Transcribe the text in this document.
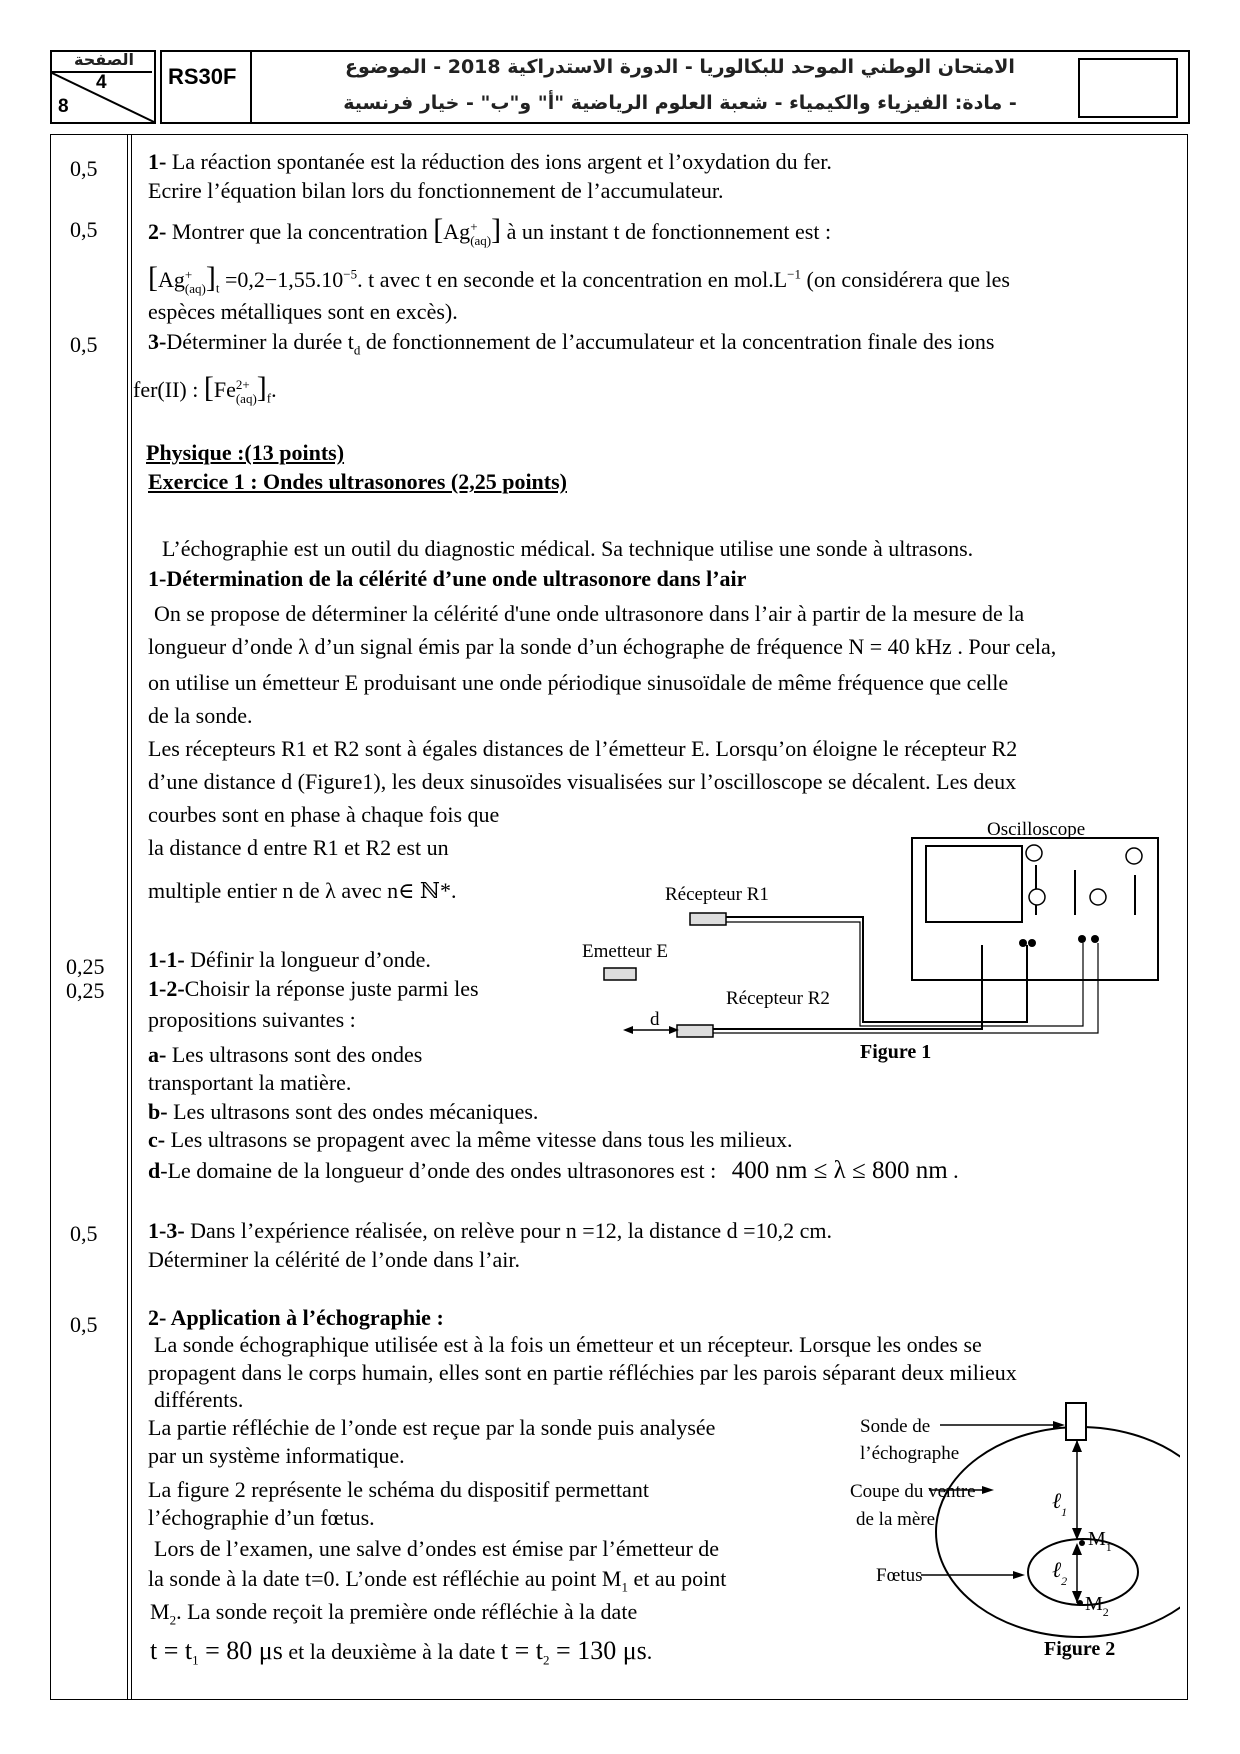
الصفحة
4
8
RS30F	الامتحان الوطني الموحد للبكالوريا - الدورة الاستدراكية 2018 - الموضوع
- مادة: الفيزياء والكيمياء - شعبة العلوم الرياضية "أ" و"ب" - خيار فرنسية
0,5
0,5
0,5
0,25
0,25
0,5
0,5
1- La réaction spontanée est la réduction des ions argent et l’oxydation du fer.
Ecrire l’équation bilan lors du fonctionnement de l’accumulateur.
2- Montrer que la concentration [Ag +
(aq) ] à un instant t de fonctionnement est :
[Ag +
(aq) ]$_t =0,2-1,55.10^{-5}$. t avec t en seconde et la concentration en $mol.L^{-1}$ (on considérera que les
espèces métalliques sont en excès).
3-Déterminer la durée $t_d$ de fonctionnement de l’accumulateur et la concentration finale des ions
fer(II) : [Fe 2+
(aq) ]$_f$.
Physique :(13 points)
Exercice 1 : Ondes ultrasonores (2,25 points)
L’échographie est un outil du diagnostic médical. Sa technique utilise une sonde à ultrasons.
1-Détermination de la célérité d’une onde ultrasonore dans l’air
On se propose de déterminer la célérité d'une onde ultrasonore dans l’air à partir de la mesure de la
longueur d’onde λ d’un signal émis par la sonde d’un échographe de fréquence N = 40 kHz . Pour cela,
on utilise un émetteur E produisant une onde périodique sinusoïdale de même fréquence que celle
de la sonde.
Les récepteurs R1 et R2 sont à égales distances de l’émetteur E. Lorsqu’on éloigne le récepteur R2
d’une distance d (Figure1), les deux sinusoïdes visualisées sur l’oscilloscope se décalent. Les deux
courbes sont en phase à chaque fois que
la distance d entre R1 et R2 est un
multiple entier n de λ avec n∈ ℕ*.
1-1- Définir la longueur d’onde.
1-2-Choisir la réponse juste parmi les
propositions suivantes :
a- Les ultrasons sont des ondes
transportant la matière.
b- Les ultrasons sont des ondes mécaniques.
c- Les ultrasons se propagent avec la même vitesse dans tous les milieux.
d-Le domaine de la longueur d’onde des ondes ultrasonores est : 400 nm ≤ λ ≤ 800 nm .
1-3- Dans l’expérience réalisée, on relève pour n =12, la distance d =10,2 cm.
Déterminer la célérité de l’onde dans l’air.
2- Application à l’échographie :
La sonde échographique utilisée est à la fois un émetteur et un récepteur. Lorsque les ondes se
propagent dans le corps humain, elles sont en partie réfléchies par les parois séparant deux milieux
différents.
La partie réfléchie de l’onde est reçue par la sonde puis analysée
par un système informatique.
La figure 2 représente le schéma du dispositif permettant
l’échographie d’un fœtus.
Lors de l’examen, une salve d’ondes est émise par l’émetteur de
la sonde à la date t=0. L’onde est réfléchie au point $M_1$ et au point
$M_2$. La sonde reçoit la première onde réfléchie à la date
$t = t_1 = 80$ μs et la deuxième à la date $t = t_2 = 130$ μs.
Oscilloscope
Récepteur R1
Emetteur E
Récepteur R2
d
Figure 1
Sonde de
l’échographe
Coupe du ventre
de la mère
Fœtus
ℓ$_1$
ℓ$_2$
$M_1$
$M_2$
Figure 2
